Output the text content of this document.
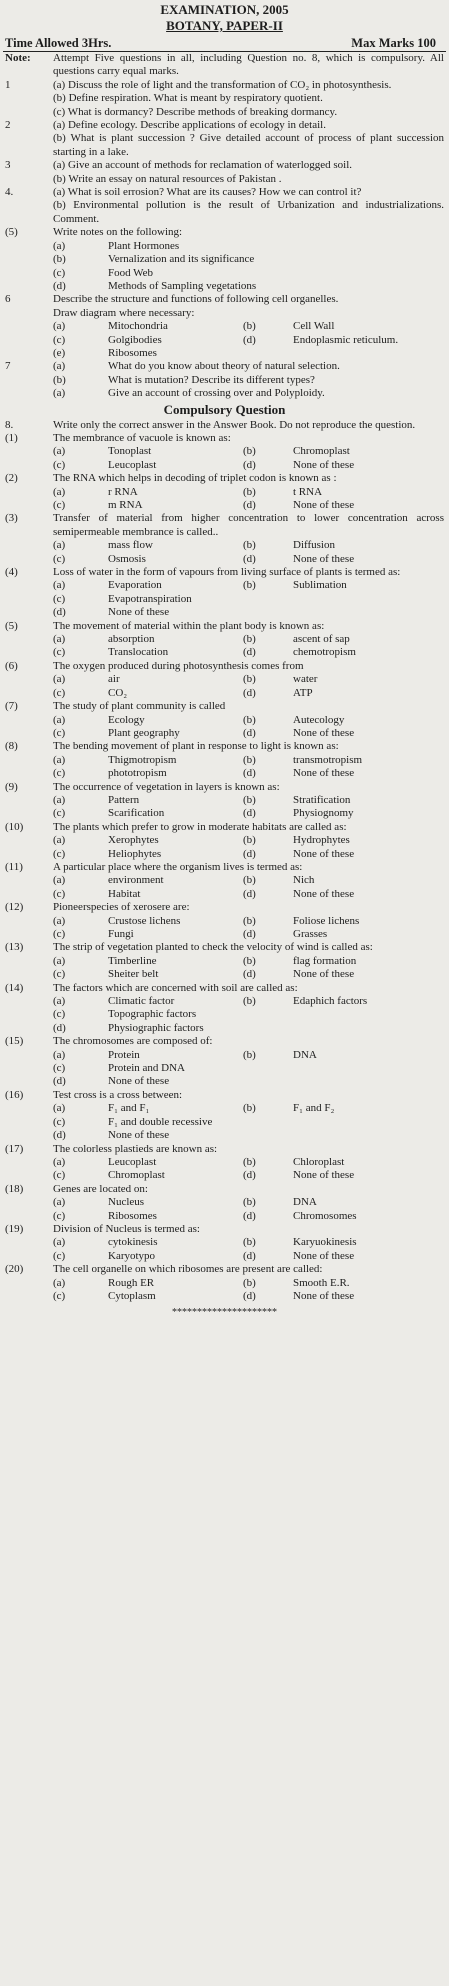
EXAMINATION, 2005
BOTANY, PAPER-II
Time Allowed 3Hrs.	Max Marks 100
Note:	Attempt Five questions in all, including Question no. 8, which is compulsory. All questions carry equal marks.
1	(a) Discuss the role of light and the transformation of CO₂ in photosynthesis.
(b) Define respiration. What is meant by respiratory quotient.
(c) What is dormancy? Describe methods of breaking dormancy.
2	(a) Define ecology. Describe applications of ecology in detail.
(b) What is plant succession ? Give detailed account of process of plant succession starting in a lake.
3	(a) Give an account of methods for reclamation of waterlogged soil.
(b) Write an essay on natural resources of Pakistan .
4.	(a) What is soil errosion? What are its causes? How we can control it?
(b) Environmental pollution is the result of Urbanization and industrializations. Comment.
(5)	Write notes on the following:
(a)	Plant Hormones
(b)	Vernalization and its significance
(c)	Food Web
(d)	Methods of Sampling vegetations
6	Describe the structure and functions of following cell organelles.
Draw diagram where necessary:
(a)	Mitochondria	(b)	Cell Wall
(c)	Golgibodies	(d)	Endoplasmic reticulum.
(e)	Ribosomes
7	(a)	What do you know about theory of natural selection.
(b)	What is mutation? Describe its different types?
(a)	Give an account of crossing over and Polyploidy.
Compulsory Question
8.	Write only the correct answer in the Answer Book. Do not reproduce the question.
(1)	The membrance of vacuole is known as:
(a)	Tonoplast	(b)	Chromoplast
(c)	Leucoplast	(d)	None of these
(2)	The RNA which helps in decoding of triplet codon is known as :
(a)	r RNA	(b)	t RNA
(c)	m RNA	(d)	None of these
(3)	Transfer of material from higher concentration to lower concentration across semipermeable membrance is called..
(a)	mass flow	(b)	Diffusion
(c)	Osmosis	(d)	None of these
(4)	Loss of water in the form of vapours from living surface of plants is termed as:
(a)	Evaporation	(b)	Sublimation
(c)	Evapotranspiration
(d)	None of these
(5)	The movement of material within the plant body is known as:
(a)	absorption	(b)	ascent of sap
(c)	Translocation	(d)	chemotropism
(6)	The oxygen produced during photosynthesis comes from
(a)	air	(b)	water
(c)	CO₂	(d)	ATP
(7)	The study of plant community is called
(a)	Ecology	(b)	Autecology
(c)	Plant geography	(d)	None of these
(8)	The bending movement of plant in response to light is known as:
(a)	Thigmotropism	(b)	transmotropism
(c)	phototropism	(d)	None of these
(9)	The occurrence of vegetation in layers is known as:
(a)	Pattern	(b)	Stratification
(c)	Scarification	(d)	Physiognomy
(10)	The plants which prefer to grow in moderate habitats are called as:
(a)	Xerophytes	(b)	Hydrophytes
(c)	Heliophytes	(d)	None of these
(11)	A particular place where the organism lives is termed as:
(a)	environment	(b)	Nich
(c)	Habitat	(d)	None of these
(12)	Pioneerspecies of xerosere are:
(a)	Crustose lichens	(b)	Foliose lichens
(c)	Fungi	(d)	Grasses
(13)	The strip of vegetation planted to check the velocity of wind is called as:
(a)	Timberline	(b)	flag formation
(c)	Sheiter belt	(d)	None of these
(14)	The factors which are concerned with soil are called as:
(a)	Climatic factor	(b)	Edaphich factors
(c)	Topographic factors
(d)	Physiographic factors
(15)	The chromosomes are composed of:
(a)	Protein	(b)	DNA
(c)	Protein and DNA
(d)	None of these
(16)	Test cross is a cross between:
(a)	F₁ and F₁	(b)	F₁ and F₂
(c)	F₁ and double recessive
(d)	None of these
(17)	The colorless plastieds are known as:
(a)	Leucoplast	(b)	Chloroplast
(c)	Chromoplast	(d)	None of these
(18)	Genes are located on:
(a)	Nucleus	(b)	DNA
(c)	Ribosomes	(d)	Chromosomes
(19)	Division of Nucleus is termed as:
(a)	cytokinesis	(b)	Karyuokinesis
(c)	Karyotypo	(d)	None of these
(20)	The cell organelle on which ribosomes are present are called:
(a)	Rough ER	(b)	Smooth E.R.
(c)	Cytoplasm	(d)	None of these
*********************
